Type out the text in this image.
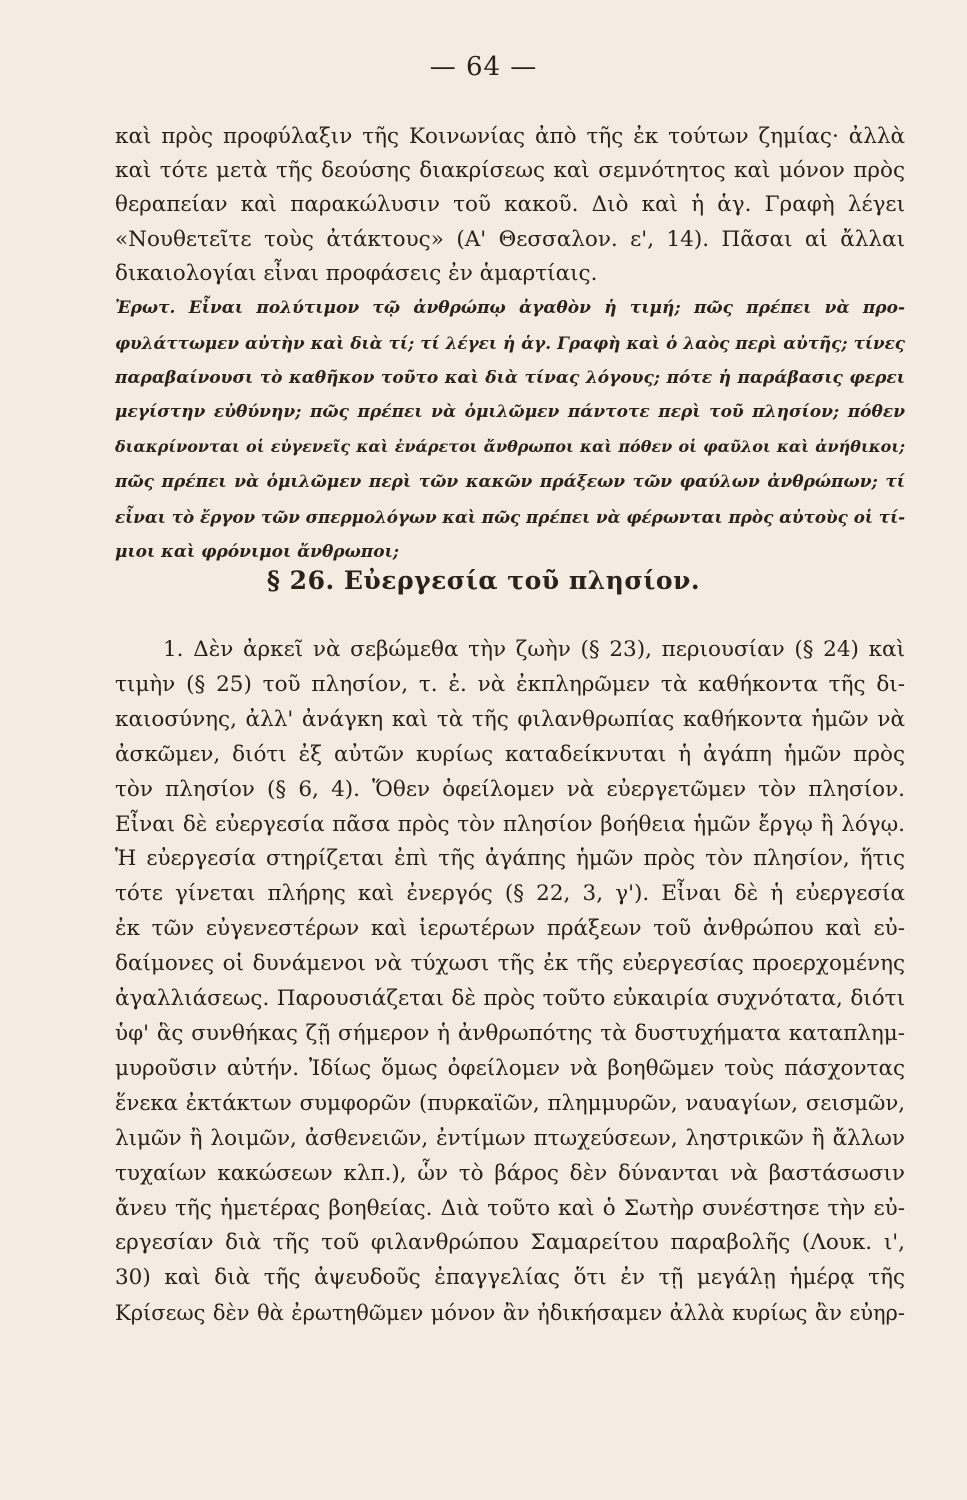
— 64 —
καὶ πρὸς προφύλαξιν τῆς Κοινωνίας ἀπὸ τῆς ἐκ τούτων ζημίας· ἀλλὰ
καὶ τότε μετὰ τῆς δεούσης διακρίσεως καὶ σεμνότητος καὶ μόνον πρὸς
θεραπείαν καὶ παρακώλυσιν τοῦ κακοῦ. Διὸ καὶ ἡ ἁγ. Γραφὴ λέγει
«Νουθετεῖτε τοὺς ἀτάκτους» (Α' Θεσσαλον. ε', 14). Πᾶσαι αἱ ἄλλαι
δικαιολογίαι εἶναι προφάσεις ἐν ἁμαρτίαις.
Ἐρωτ. Εἶναι πολύτιμον τῷ ἀνθρώπῳ ἀγαθὸν ἡ τιμή; πῶς πρέπει νὰ προ-
φυλάττωμεν αὐτὴν καὶ διὰ τί; τί λέγει ἡ ἁγ. Γραφὴ καὶ ὁ λαὸς περὶ αὐτῆς; τίνες
παραβαίνουσι τὸ καθῆκον τοῦτο καὶ διὰ τίνας λόγους; πότε ἡ παράβασις φερει
μεγίστην εὐθύνην; πῶς πρέπει νὰ ὁμιλῶμεν πάντοτε περὶ τοῦ πλησίον; πόθεν
διακρίνονται οἱ εὐγενεῖς καὶ ἐνάρετοι ἄνθρωποι καὶ πόθεν οἱ φαῦλοι καὶ ἀνήθικοι;
πῶς πρέπει νὰ ὁμιλῶμεν περὶ τῶν κακῶν πράξεων τῶν φαύλων ἀνθρώπων; τί
εἶναι τὸ ἔργον τῶν σπερμολόγων καὶ πῶς πρέπει νὰ φέρωνται πρὸς αὐτοὺς οἱ τί-
μιοι καὶ φρόνιμοι ἄνθρωποι;
§ 26. Εὐεργεσία τοῦ πλησίον.
1. Δὲν ἀρκεῖ νὰ σεβώμεθα τὴν ζωὴν (§ 23), περιουσίαν (§ 24) καὶ
τιμὴν (§ 25) τοῦ πλησίον, τ. ἐ. νὰ ἐκπληρῶμεν τὰ καθήκοντα τῆς δι-
καιοσύνης, ἀλλ' ἀνάγκη καὶ τὰ τῆς φιλανθρωπίας καθήκοντα ἡμῶν νὰ
ἀσκῶμεν, διότι ἐξ αὐτῶν κυρίως καταδείκνυται ἡ ἀγάπη ἡμῶν πρὸς
τὸν πλησίον (§ 6, 4). Ὅθεν ὀφείλομεν νὰ εὐεργετῶμεν τὸν πλησίον.
Εἶναι δὲ εὐεργεσία πᾶσα πρὸς τὸν πλησίον βοήθεια ἡμῶν ἔργῳ ἢ λόγῳ.
Ἡ εὐεργεσία στηρίζεται ἐπὶ τῆς ἀγάπης ἡμῶν πρὸς τὸν πλησίον, ἥτις
τότε γίνεται πλήρης καὶ ἐνεργός (§ 22, 3, γ'). Εἶναι δὲ ἡ εὐεργεσία
ἐκ τῶν εὐγενεστέρων καὶ ἱερωτέρων πράξεων τοῦ ἀνθρώπου καὶ εὐ-
δαίμονες οἱ δυνάμενοι νὰ τύχωσι τῆς ἐκ τῆς εὐεργεσίας προερχομένης
ἀγαλλιάσεως. Παρουσιάζεται δὲ πρὸς τοῦτο εὐκαιρία συχνότατα, διότι
ὑφ' ἃς συνθήκας ζῇ σήμερον ἡ ἀνθρωπότης τὰ δυστυχήματα καταπλημ-
μυροῦσιν αὐτήν. Ἰδίως ὅμως ὀφείλομεν νὰ βοηθῶμεν τοὺς πάσχοντας
ἕνεκα ἐκτάκτων συμφορῶν (πυρκαϊῶν, πλημμυρῶν, ναυαγίων, σεισμῶν,
λιμῶν ἢ λοιμῶν, ἀσθενειῶν, ἐντίμων πτωχεύσεων, ληστρικῶν ἢ ἄλλων
τυχαίων κακώσεων κλπ.), ὧν τὸ βάρος δὲν δύνανται νὰ βαστάσωσιν
ἄνευ τῆς ἡμετέρας βοηθείας. Διὰ τοῦτο καὶ ὁ Σωτὴρ συνέστησε τὴν εὐ-
εργεσίαν διὰ τῆς τοῦ φιλανθρώπου Σαμαρείτου παραβολῆς (Λουκ. ι',
30) καὶ διὰ τῆς ἀψευδοῦς ἐπαγγελίας ὅτι ἐν τῇ μεγάλῃ ἡμέρᾳ τῆς
Κρίσεως δὲν θὰ ἐρωτηθῶμεν μόνον ἂν ἠδικήσαμεν ἀλλὰ κυρίως ἂν εὐηρ-
